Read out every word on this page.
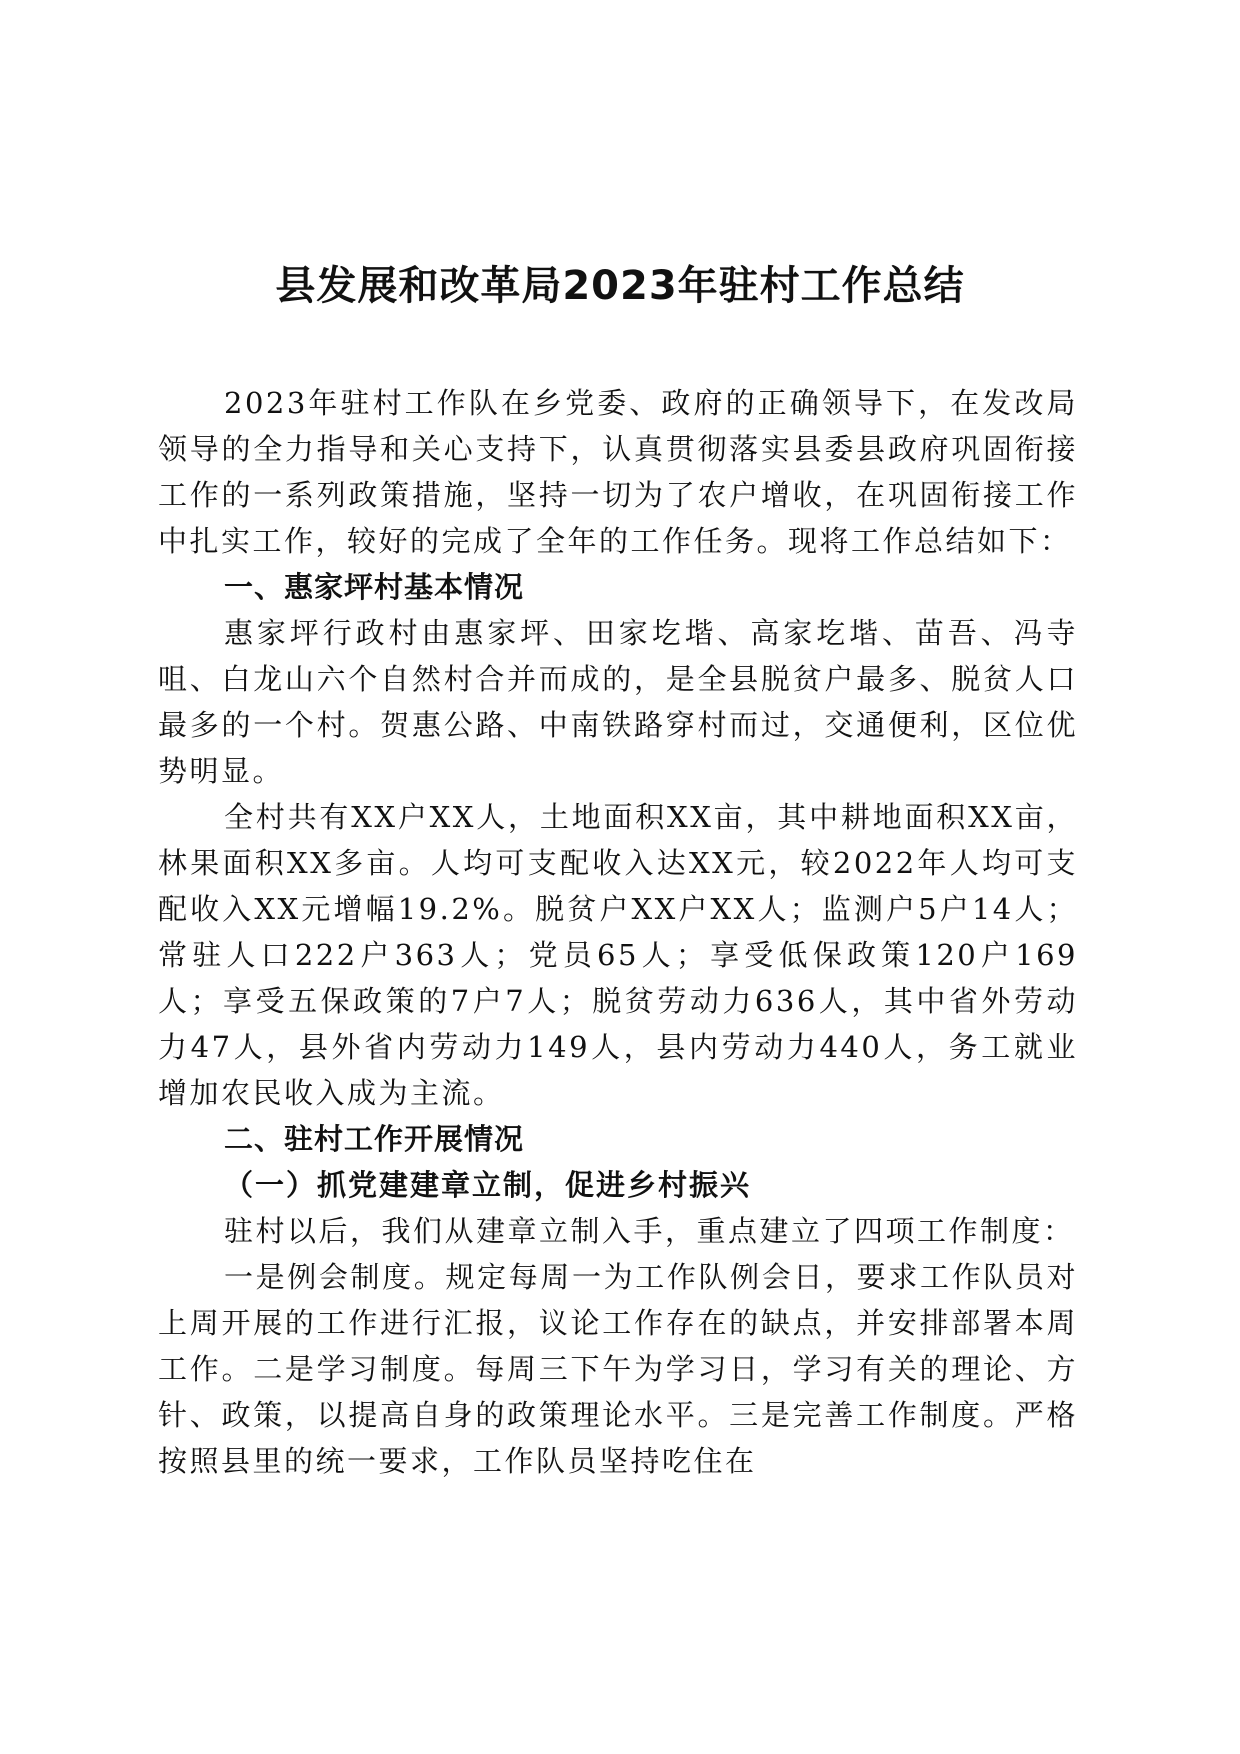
县发展和改革局2023年驻村工作总结

2023年驻村工作队在乡党委、政府的正确领导下，在发改局领导的全力指导和关心支持下，认真贯彻落实县委县政府巩固衔接工作的一系列政策措施，坚持一切为了农户增收，在巩固衔接工作中扎实工作，较好的完成了全年的工作任务。现将工作总结如下：

一、惠家坪村基本情况

惠家坪行政村由惠家坪、田家圪堦、高家圪堦、苗吾、冯寺咀、白龙山六个自然村合并而成的，是全县脱贫户最多、脱贫人口最多的一个村。贺惠公路、中南铁路穿村而过，交通便利，区位优势明显。

全村共有XX户XX人，土地面积XX亩，其中耕地面积XX亩，林果面积XX多亩。人均可支配收入达XX元，较2022年人均可支配收入XX元增幅19.2%。脱贫户XX户XX人；监测户5户14人；常驻人口222户363人；党员65人；享受低保政策120户169人；享受五保政策的7户7人；脱贫劳动力636人，其中省外劳动力47人，县外省内劳动力149人，县内劳动力440人，务工就业增加农民收入成为主流。

二、驻村工作开展情况

（一）抓党建建章立制，促进乡村振兴

驻村以后，我们从建章立制入手，重点建立了四项工作制度：

一是例会制度。规定每周一为工作队例会日，要求工作队员对上周开展的工作进行汇报，议论工作存在的缺点，并安排部署本周工作。二是学习制度。每周三下午为学习日，学习有关的理论、方针、政策，以提高自身的政策理论水平。三是完善工作制度。严格按照县里的统一要求，工作队员坚持吃住在
